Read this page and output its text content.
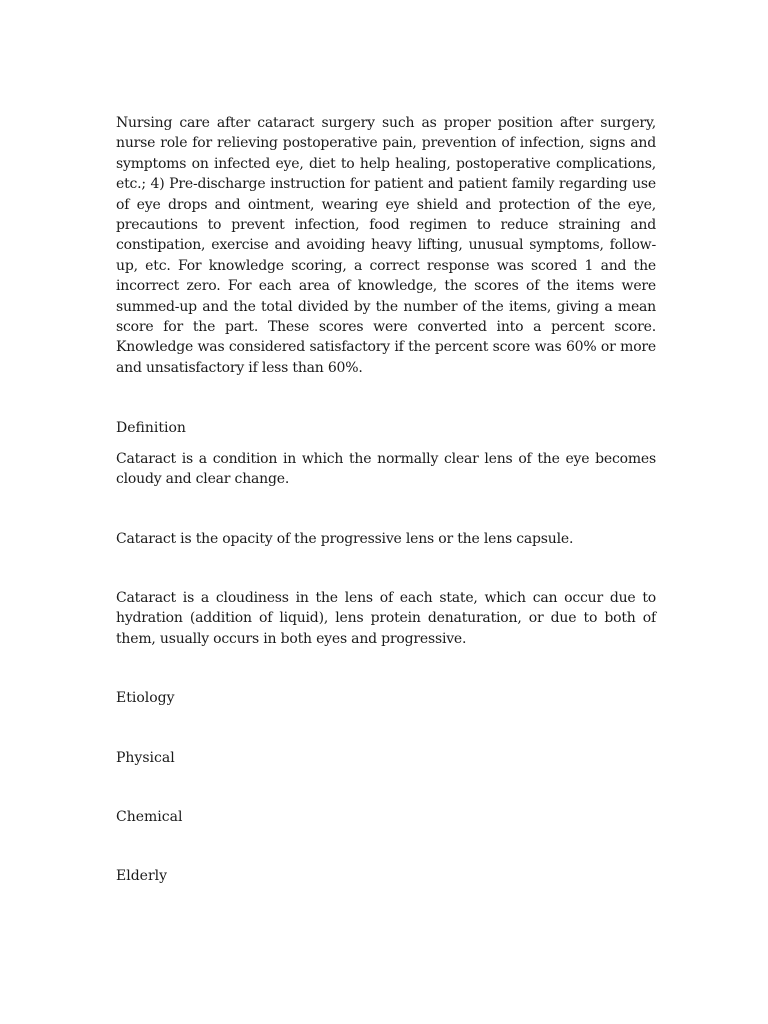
Nursing care after cataract surgery such as proper position after surgery, nurse role for relieving postoperative pain, prevention of infection, signs and symptoms on infected eye, diet to help healing, postoperative complications, etc.; 4) Pre-discharge instruction for patient and patient family regarding use of eye drops and ointment, wearing eye shield and protection of the eye, precautions to prevent infection, food regimen to reduce straining and constipation, exercise and avoiding heavy lifting, unusual symptoms, follow-up, etc. For knowledge scoring, a correct response was scored 1 and the incorrect zero. For each area of knowledge, the scores of the items were summed-up and the total divided by the number of the items, giving a mean score for the part. These scores were converted into a percent score. Knowledge was considered satisfactory if the percent score was 60% or more and unsatisfactory if less than 60%.

Definition

Cataract is a condition in which the normally clear lens of the eye becomes cloudy and clear change.

Cataract is the opacity of the progressive lens or the lens capsule.

Cataract is a cloudiness in the lens of each state, which can occur due to hydration (addition of liquid), lens protein denaturation, or due to both of them, usually occurs in both eyes and progressive.

Etiology

Physical

Chemical

Elderly
